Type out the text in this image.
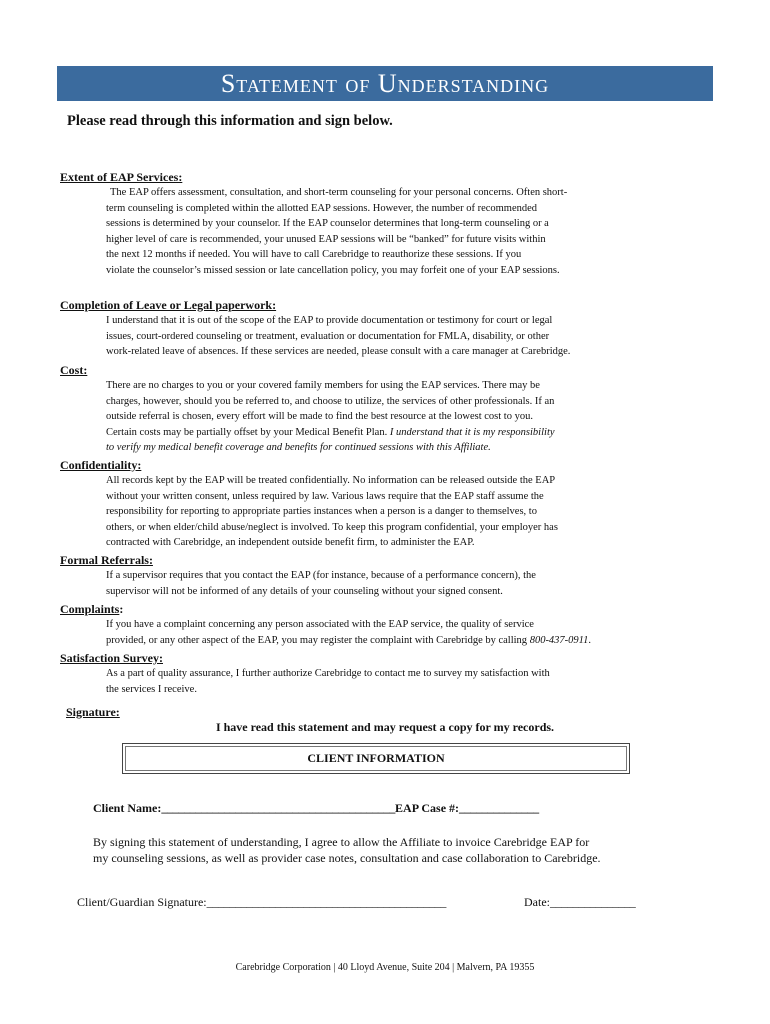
Statement of Understanding
Please read through this information and sign below.
Extent of EAP Services:
The EAP offers assessment, consultation, and short-term counseling for your personal concerns. Often short-
term counseling is completed within the allotted EAP sessions. However, the number of recommended
sessions is determined by your counselor. If the EAP counselor determines that long-term counseling or a
higher level of care is recommended, your unused EAP sessions will be “banked” for future visits within
the next 12 months if needed. You will have to call Carebridge to reauthorize these sessions. If you
violate the counselor’s missed session or late cancellation policy, you may forfeit one of your EAP sessions.
Completion of Leave or Legal paperwork:
I understand that it is out of the scope of the EAP to provide documentation or testimony for court or legal
issues, court-ordered counseling or treatment, evaluation or documentation for FMLA, disability, or other
work-related leave of absences. If these services are needed, please consult with a care manager at Carebridge.
Cost:
There are no charges to you or your covered family members for using the EAP services. There may be
charges, however, should you be referred to, and choose to utilize, the services of other professionals. If an
outside referral is chosen, every effort will be made to find the best resource at the lowest cost to you.
Certain costs may be partially offset by your Medical Benefit Plan. I understand that it is my responsibility
to verify my medical benefit coverage and benefits for continued sessions with this Affiliate.
Confidentiality:
All records kept by the EAP will be treated confidentially. No information can be released outside the EAP
without your written consent, unless required by law. Various laws require that the EAP staff assume the
responsibility for reporting to appropriate parties instances when a person is a danger to themselves, to
others, or when elder/child abuse/neglect is involved. To keep this program confidential, your employer has
contracted with Carebridge, an independent outside benefit firm, to administer the EAP.
Formal Referrals:
If a supervisor requires that you contact the EAP (for instance, because of a performance concern), the
supervisor will not be informed of any details of your counseling without your signed consent.
Complaints:
If you have a complaint concerning any person associated with the EAP service, the quality of service
provided, or any other aspect of the EAP, you may register the complaint with Carebridge by calling 800-437-0911.
Satisfaction Survey:
As a part of quality assurance, I further authorize Carebridge to contact me to survey my satisfaction with
the services I receive.
Signature:
I have read this statement and may request a copy for my records.
CLIENT INFORMATION
Client Name:_________________________________________EAP Case #:______________
By signing this statement of understanding, I agree to allow the Affiliate to invoice Carebridge EAP for
my counseling sessions, as well as provider case notes, consultation and case collaboration to Carebridge.
Client/Guardian Signature:__________________________________________	Date:_______________
Carebridge Corporation | 40 Lloyd Avenue, Suite 204 | Malvern, PA 19355
